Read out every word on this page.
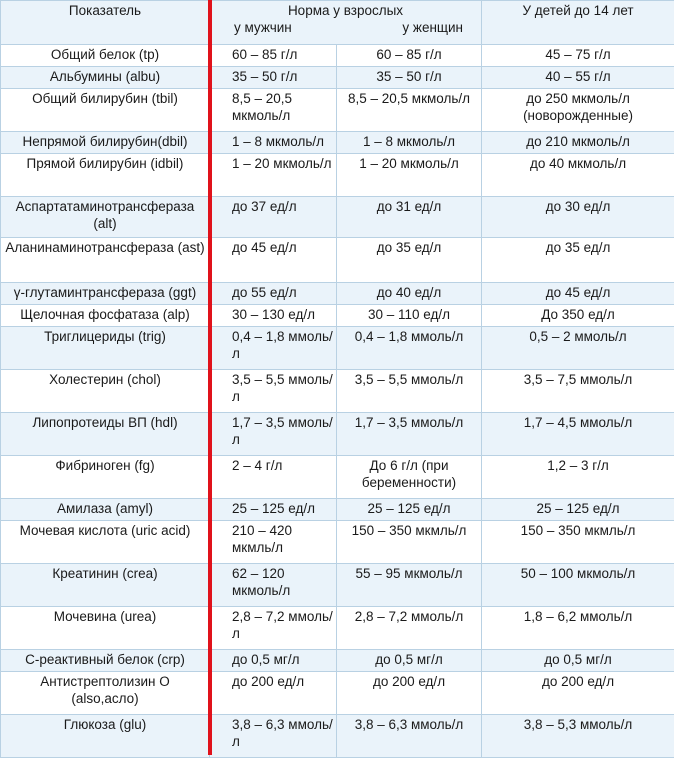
Показатель	Норма у взрослых
у мужчин у женщин		У детей до 14 лет
Общий белок (tp)	60 – 85 г/л	60 – 85 г/л	45 – 75 г/л
Альбумины (albu)	35 – 50 г/л	35 – 50 г/л	40 – 55 г/л
Общий билирубин (tbil)	8,5 – 20,5 мкмоль/л	8,5 – 20,5 мкмоль/л	до 250 мкмоль/л (новорожденные)
Непрямой билирубин(dbil)	1 – 8 мкмоль/л	1 – 8 мкмоль/л	до 210 мкмоль/л
Прямой билирубин (idbil)	1 – 20 мкмоль/л	1 – 20 мкмоль/л	до 40 мкмоль/л
Аспартатаминотрансфераза (alt)	до 37 ед/л	до 31 ед/л	до 30 ед/л
Аланинаминотрансфераза (ast)	до 45 ед/л	до 35 ед/л	до 35 ед/л
γ-глутаминтрансфераза (ggt)	до 55 ед/л	до 40 ед/л	до 45 ед/л
Щелочная фосфатаза (alp)	30 – 130 ед/л	30 – 110 ед/л	До 350 ед/л
Триглицериды (trig)	0,4 – 1,8 ммоль/л	0,4 – 1,8 ммоль/л	0,5 – 2 ммоль/л
Холестерин (chol)	3,5 – 5,5 ммоль/л	3,5 – 5,5 ммоль/л	3,5 – 7,5 ммоль/л
Липопротеиды ВП (hdl)	1,7 – 3,5 ммоль/л	1,7 – 3,5 ммоль/л	1,7 – 4,5 ммоль/л
Фибриноген (fg)	2 – 4 г/л	До 6 г/л (при беременности)	1,2 – 3 г/л
Амилаза (amyl)	25 – 125 ед/л	25 – 125 ед/л	25 – 125 ед/л
Мочевая кислота (uric acid)	210 – 420 мкмль/л	150 – 350 мкмль/л	150 – 350 мкмль/л
Креатинин (crea)	62 – 120 мкмоль/л	55 – 95 мкмоль/л	50 – 100 мкмоль/л
Мочевина (urea)	2,8 – 7,2 ммоль/л	2,8 – 7,2 ммоль/л	1,8 – 6,2 ммоль/л
С-реактивный белок (crp)	до 0,5 мг/л	до 0,5 мг/л	до 0,5 мг/л
Антистрептолизин О (also,асло)	до 200 ед/л	до 200 ед/л	до 200 ед/л
Глюкоза (glu)	3,8 – 6,3 ммоль/л	3,8 – 6,3 ммоль/л	3,8 – 5,3 ммоль/л
